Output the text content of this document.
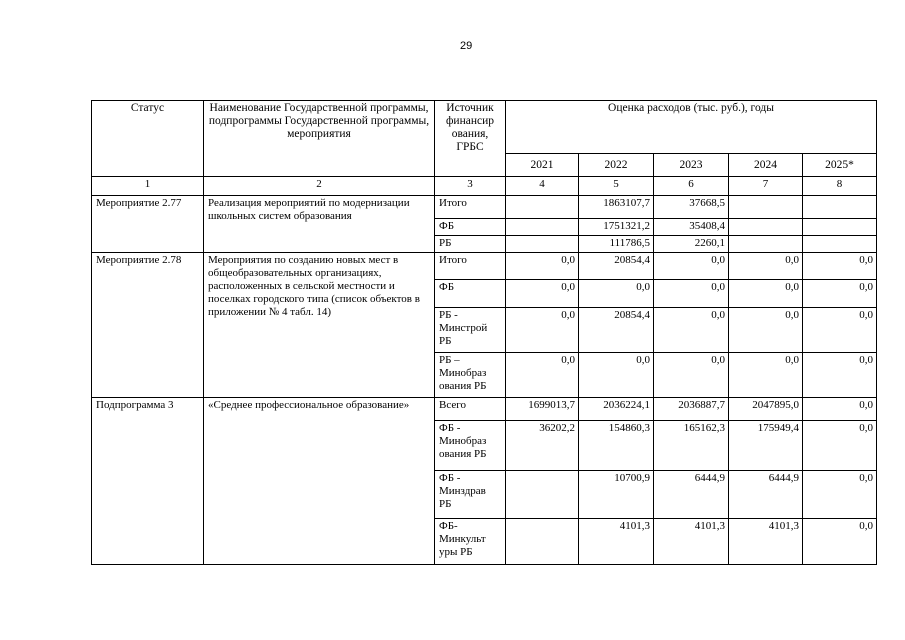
29
Статус	Наименование Государственной программы, подпрограммы Государственной программы, мероприятия	Источник финансир ования, ГРБС	Оценка расходов (тыс. руб.), годы				
			2021	2022	2023	2024	2025*
1	2	3	4	5	6	7	8
Мероприятие 2.77	Реализация мероприятий по модернизации школьных систем образования	Итого		1863107,7	37668,5		
		ФБ		1751321,2	35408,4		
		РБ		111786,5	2260,1		
Мероприятие 2.78	Мероприятия по созданию новых мест в общеобразовательных организациях, расположенных в сельской местности и поселках городского типа (список объектов в приложении № 4 табл. 14)	Итого	0,0	20854,4	0,0	0,0	0,0
		ФБ	0,0	0,0	0,0	0,0	0,0
		РБ - Минстрой РБ	0,0	20854,4	0,0	0,0	0,0
		РБ – Минобраз ования РБ	0,0	0,0	0,0	0,0	0,0
Подпрограмма 3	«Среднее профессиональное образование»	Всего	1699013,7	2036224,1	2036887,7	2047895,0	0,0
		ФБ - Минобраз ования РБ	36202,2	154860,3	165162,3	175949,4	0,0
		ФБ - Минздрав РБ		10700,9	6444,9	6444,9	0,0
		ФБ- Минкульт уры РБ		4101,3	4101,3	4101,3	0,0
